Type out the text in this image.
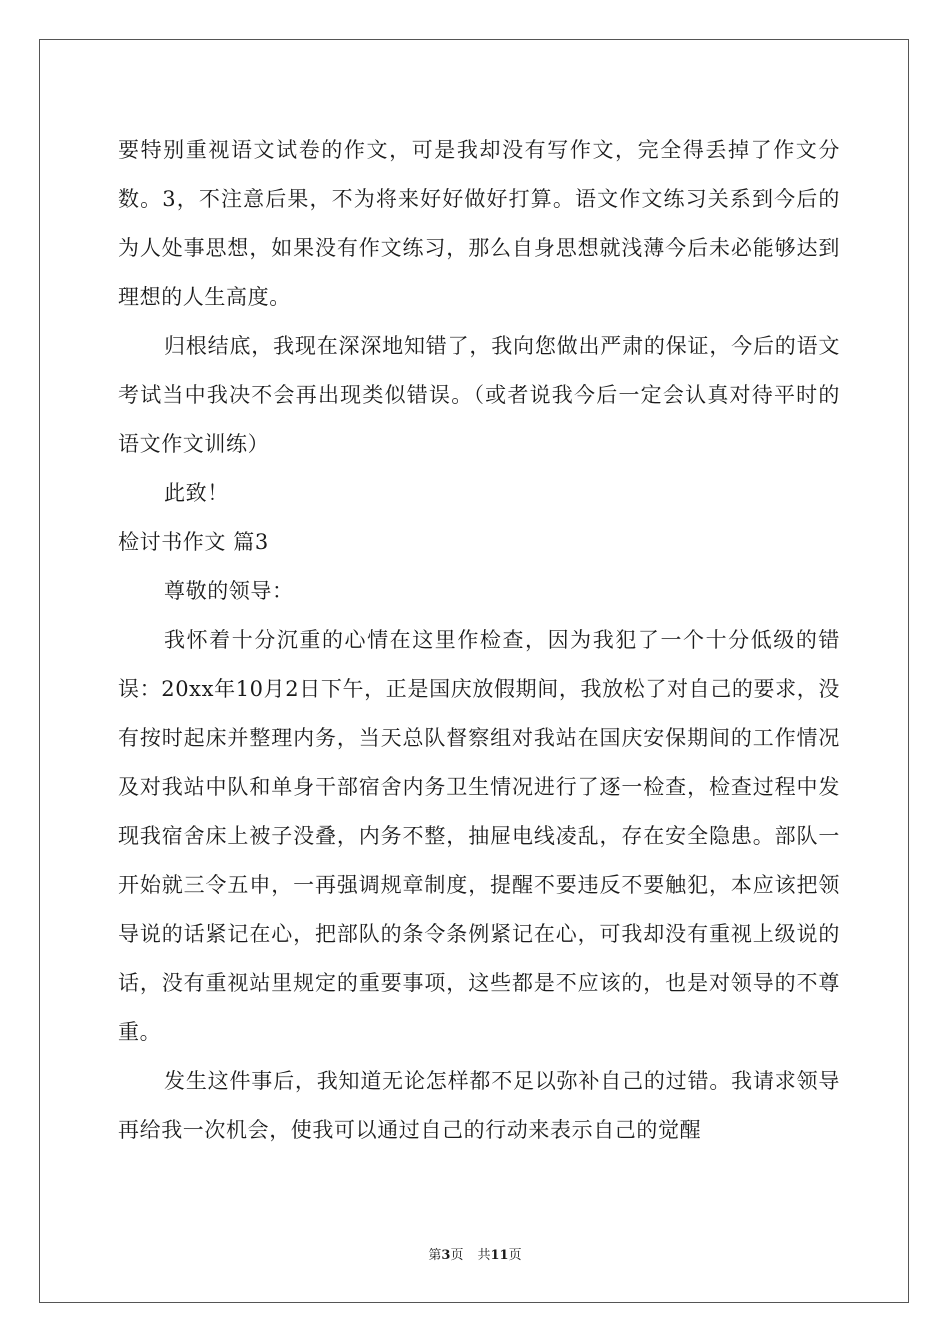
要特别重视语文试卷的作文，可是我却没有写作文，完全得丢掉了作文分数。3，不注意后果，不为将来好好做好打算。语文作文练习关系到今后的为人处事思想，如果没有作文练习，那么自身思想就浅薄今后未必能够达到理想的人生高度。

归根结底，我现在深深地知错了，我向您做出严肃的保证，今后的语文考试当中我决不会再出现类似错误。（或者说我今后一定会认真对待平时的语文作文训练）

此致！

检讨书作文 篇3

尊敬的领导：

我怀着十分沉重的心情在这里作检查，因为我犯了一个十分低级的错误：20xx年10月2日下午，正是国庆放假期间，我放松了对自己的要求，没有按时起床并整理内务，当天总队督察组对我站在国庆安保期间的工作情况及对我站中队和单身干部宿舍内务卫生情况进行了逐一检查，检查过程中发现我宿舍床上被子没叠，内务不整，抽屉电线凌乱，存在安全隐患。部队一开始就三令五申，一再强调规章制度，提醒不要违反不要触犯，本应该把领导说的话紧记在心，把部队的条令条例紧记在心，可我却没有重视上级说的话，没有重视站里规定的重要事项，这些都是不应该的，也是对领导的不尊重。

发生这件事后，我知道无论怎样都不足以弥补自己的过错。我请求领导再给我一次机会，使我可以通过自己的行动来表示自己的觉醒

第3页 共11页
